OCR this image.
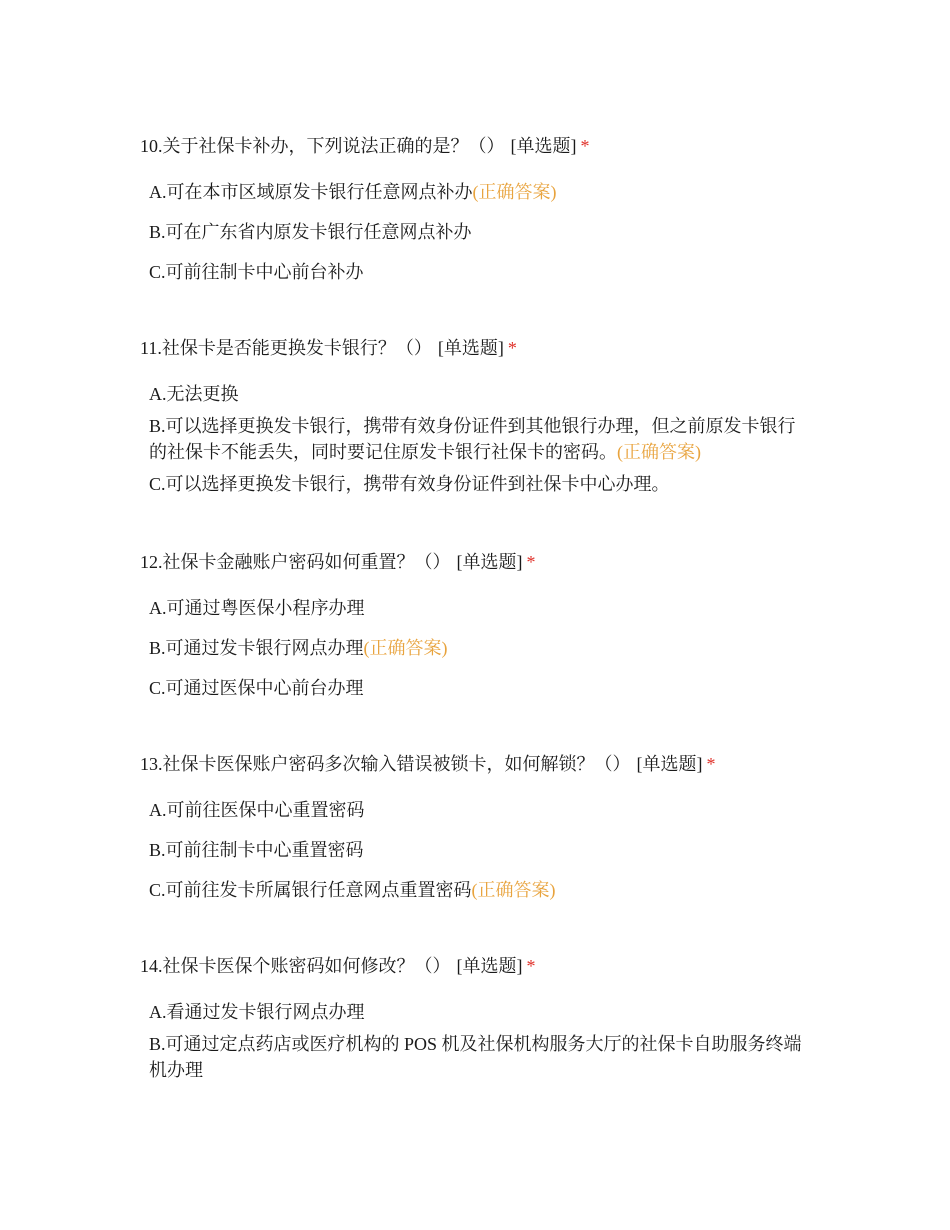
10.关于社保卡补办，下列说法正确的是？（） [单选题] *
A.可在本市区域原发卡银行任意网点补办(正确答案)
B.可在广东省内原发卡银行任意网点补办
C.可前往制卡中心前台补办
11.社保卡是否能更换发卡银行？（） [单选题] *
A.无法更换
B.可以选择更换发卡银行，携带有效身份证件到其他银行办理，但之前原发卡银行的社保卡不能丢失，同时要记住原发卡银行社保卡的密码。(正确答案)
C.可以选择更换发卡银行，携带有效身份证件到社保卡中心办理。
12.社保卡金融账户密码如何重置？（） [单选题] *
A.可通过粤医保小程序办理
B.可通过发卡银行网点办理(正确答案)
C.可通过医保中心前台办理
13.社保卡医保账户密码多次输入错误被锁卡，如何解锁？（） [单选题] *
A.可前往医保中心重置密码
B.可前往制卡中心重置密码
C.可前往发卡所属银行任意网点重置密码(正确答案)
14.社保卡医保个账密码如何修改？（） [单选题] *
A.看通过发卡银行网点办理
B.可通过定点药店或医疗机构的 POS 机及社保机构服务大厅的社保卡自助服务终端机办理
